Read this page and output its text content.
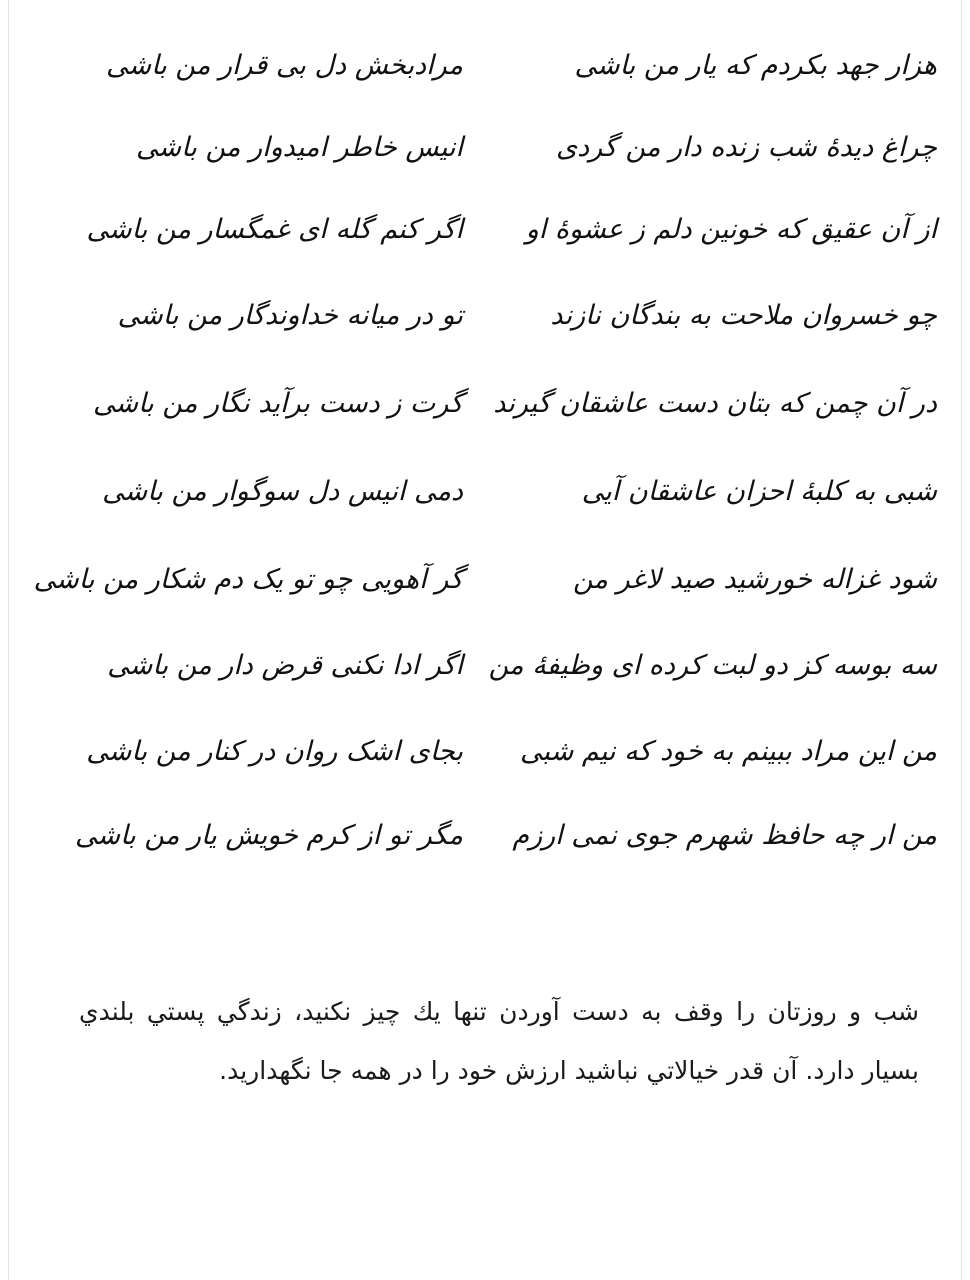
هزار جهد بکردم که یار من باشی
مرادبخش دل بی قرار من باشی
چراغ دیدهٔ شب زنده دار من گردی
انیس خاطر امیدوار من باشی
از آن عقیق که خونین دلم ز عشوهٔ او
اگر کنم گله ای غمگسار من باشی
چو خسروان ملاحت به بندگان نازند
تو در میانه خداوندگار من باشی
در آن چمن که بتان دست عاشقان گیرند
گرت ز دست برآید نگار من باشی
شبی به کلبهٔ احزان عاشقان آیی
دمی انیس دل سوگوار من باشی
شود غزاله خورشید صید لاغر من
گر آهویی چو تو یک دم شکار من باشی
سه بوسه کز دو لبت کرده ای وظیفهٔ من
اگر ادا نکنی قرض دار من باشی
من این مراد ببینم به خود که نیم شبی
بجای اشک روان در کنار من باشی
من ار چه حافظ شهرم جوی نمی ارزم
مگر تو از کرم خویش یار من باشی

شب و روزتان را وقف به دست آوردن تنها يك چيز نكنيد، زندگي پستي بلندي بسيار دارد. آن قدر خيالاتي نباشيد ارزش خود را در همه جا نگهداريد.
